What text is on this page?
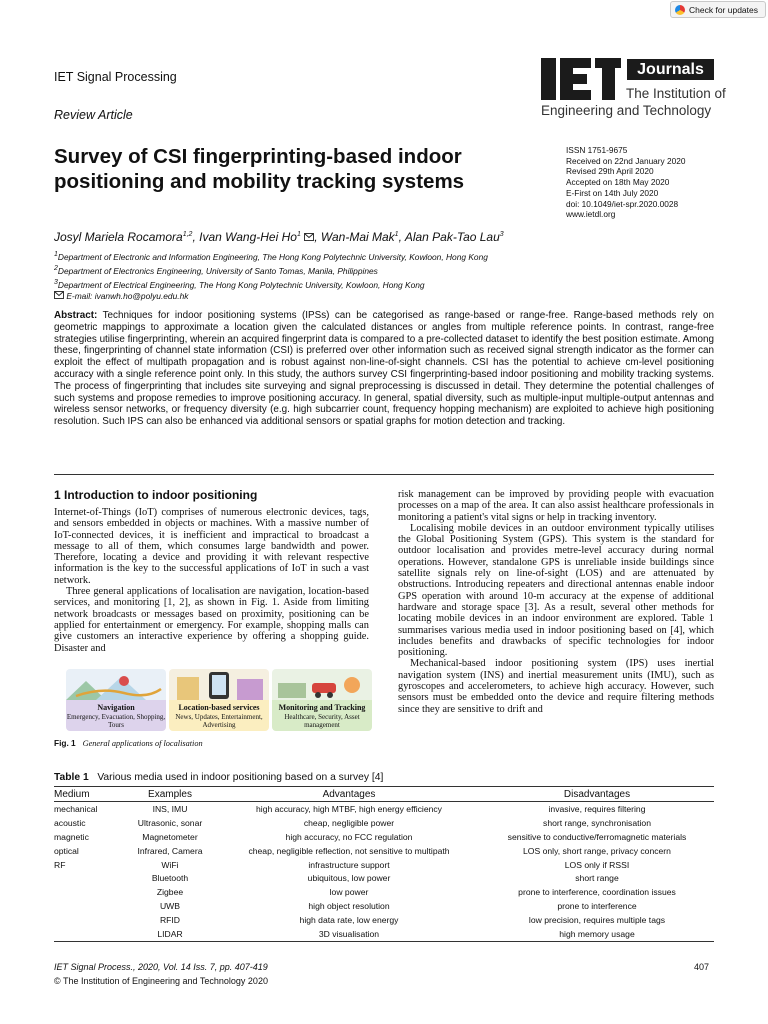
Check for updates
IET Signal Processing
Review Article
Journals
The Institution of
Engineering and Technology
Survey of CSI fingerprinting-based indoor positioning and mobility tracking systems
ISSN 1751-9675
Received on 22nd January 2020
Revised 29th April 2020
Accepted on 18th May 2020
E-First on 14th July 2020
doi: 10.1049/iet-spr.2020.0028
www.ietdl.org
Josyl Mariela Rocamora$^{1,2}$, Ivan Wang-Hei Ho$^1$ , Wan-Mai Mak$^1$, Alan Pak-Tao Lau$^3$
$^1$Department of Electronic and Information Engineering, The Hong Kong Polytechnic University, Kowloon, Hong Kong
$^2$Department of Electronics Engineering, University of Santo Tomas, Manila, Philippines
$^3$Department of Electrical Engineering, The Hong Kong Polytechnic University, Kowloon, Hong Kong
E-mail: ivanwh.ho@polyu.edu.hk
Abstract: Techniques for indoor positioning systems (IPSs) can be categorised as range-based or range-free. Range-based methods rely on geometric mappings to approximate a location given the calculated distances or angles from multiple reference points. In contrast, range-free strategies utilise fingerprinting, wherein an acquired fingerprint data is compared to a pre-collected dataset to identify the best position estimate. Among these, fingerprinting of channel state information (CSI) is preferred over other information such as received signal strength indicator as the former can exploit the effect of multipath propagation and is robust against non-line-of-sight channels. CSI has the potential to achieve cm-level positioning accuracy with a single reference point only. In this study, the authors survey CSI fingerprinting-based indoor positioning and mobility tracking systems. The process of fingerprinting that includes site surveying and signal preprocessing is discussed in detail. They determine the potential challenges of such systems and propose remedies to improve positioning accuracy. In general, spatial diversity, such as multiple-input multiple-output antennas and wireless sensor networks, or frequency diversity (e.g. high subcarrier count, frequency hopping mechanism) are exploited to achieve high positioning resolution. Such IPS can also be enhanced via additional sensors or spatial graphs for motion detection and tracking.
1 Introduction to indoor positioning

Internet-of-Things (IoT) comprises of numerous electronic devices, tags, and sensors embedded in objects or machines. With a massive number of IoT-connected devices, it is inefficient and impractical to broadcast a message to all of them, which consumes large bandwidth and power. Therefore, locating a device and providing it with relevant respective information is the key to the successful applications of IoT in such a vast network.

Three general applications of localisation are navigation, location-based services, and monitoring [1, 2], as shown in Fig. 1. Aside from limiting network broadcasts or messages based on proximity, positioning can be applied for entertainment or emergency. For example, shopping malls can give customers an interactive experience by offering a shopping guide. Disaster and

Navigation
Emergency, Evacuation, Shopping, Tours
Location-based services
News, Updates, Entertainment, Advertising
Monitoring and Tracking
Healthcare, Security, Asset management
Fig. 1 General applications of localisation

risk management can be improved by providing people with evacuation processes on a map of the area. It can also assist healthcare professionals in monitoring a patient's vital signs or help in tracking inventory.

Localising mobile devices in an outdoor environment typically utilises the Global Positioning System (GPS). This system is the standard for outdoor localisation and provides metre-level accuracy during normal operations. However, standalone GPS is unreliable inside buildings since satellite signals rely on line-of-sight (LOS) and are attenuated by obstructions. Introducing repeaters and directional antennas enable indoor GPS operation with around 10-m accuracy at the expense of additional hardware and storage space [3]. As a result, several other methods for locating mobile devices in an indoor environment are explored. Table 1 summarises various media used in indoor positioning based on [4], which includes benefits and drawbacks of specific technologies for indoor positioning.

Mechanical-based indoor positioning system (IPS) uses inertial navigation system (INS) and inertial measurement units (IMU), such as gyroscopes and accelerometers, to achieve high accuracy. However, such sensors must be embedded onto the device and require filtering methods since they are sensitive to drift and

Table 1 Various media used in indoor positioning based on a survey [4]
Medium	Examples	Advantages	Disadvantages
mechanical	INS, IMU	high accuracy, high MTBF, high energy efficiency	invasive, requires filtering
acoustic	Ultrasonic, sonar	cheap, negligible power	short range, synchronisation
magnetic	Magnetometer	high accuracy, no FCC regulation	sensitive to conductive/ferromagnetic materials
optical	Infrared, Camera	cheap, negligible reflection, not sensitive to multipath	LOS only, short range, privacy concern
RF	WiFi	infrastructure support	LOS only if RSSI
	Bluetooth	ubiquitous, low power	short range
	Zigbee	low power	prone to interference, coordination issues
	UWB	high object resolution	prone to interference
	RFID	high data rate, low energy	low precision, requires multiple tags
	LIDAR	3D visualisation	high memory usage
IET Signal Process., 2020, Vol. 14 Iss. 7, pp. 407-419
© The Institution of Engineering and Technology 2020
407
